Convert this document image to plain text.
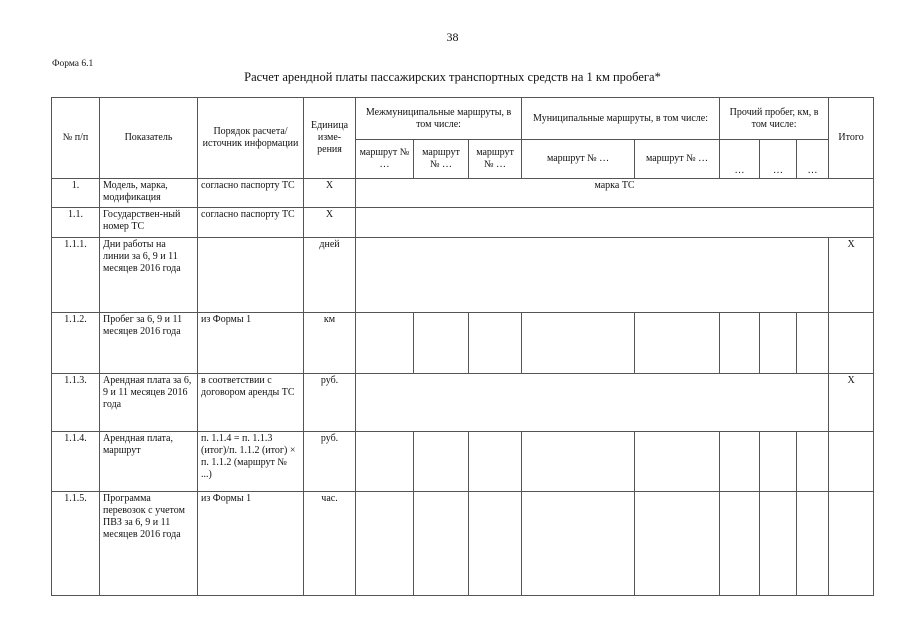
38
Форма 6.1
Расчет арендной платы пассажирских транспортных средств на 1 км пробега*
№ п/п	Показатель	Порядок расчета/источник информации	Единица изме-рения	Межмуниципальные маршруты, в том числе:			Муниципальные маршруты, в том числе:		Прочий пробег, км, в том числе:			Итого
				маршрут № …	маршрут № …	маршрут № …	маршрут № …	маршрут № …	…	…	…	
1.	Модель, марка, модификация	согласно паспорту ТС	Х	марка ТС								
1.1.	Государствен-ный номер ТС	согласно паспорту ТС	Х									
1.1.1.	Дни работы на линии за 6, 9 и 11 месяцев 2016 года		дней									Х
1.1.2.	Пробег за 6, 9 и 11 месяцев 2016 года	из Формы 1	км									
1.1.3.	Арендная плата за 6, 9 и 11 месяцев 2016 года	в соответствии с договором аренды ТС	руб.									Х
1.1.4.	Арендная плата, маршрут	п. 1.1.4 = п. 1.1.3 (итог)/п. 1.1.2 (итог) × п. 1.1.2 (маршрут № ...)	руб.									
1.1.5.	Программа перевозок с учетом ПВЗ за 6, 9 и 11 месяцев 2016 года	из Формы 1	час.									
